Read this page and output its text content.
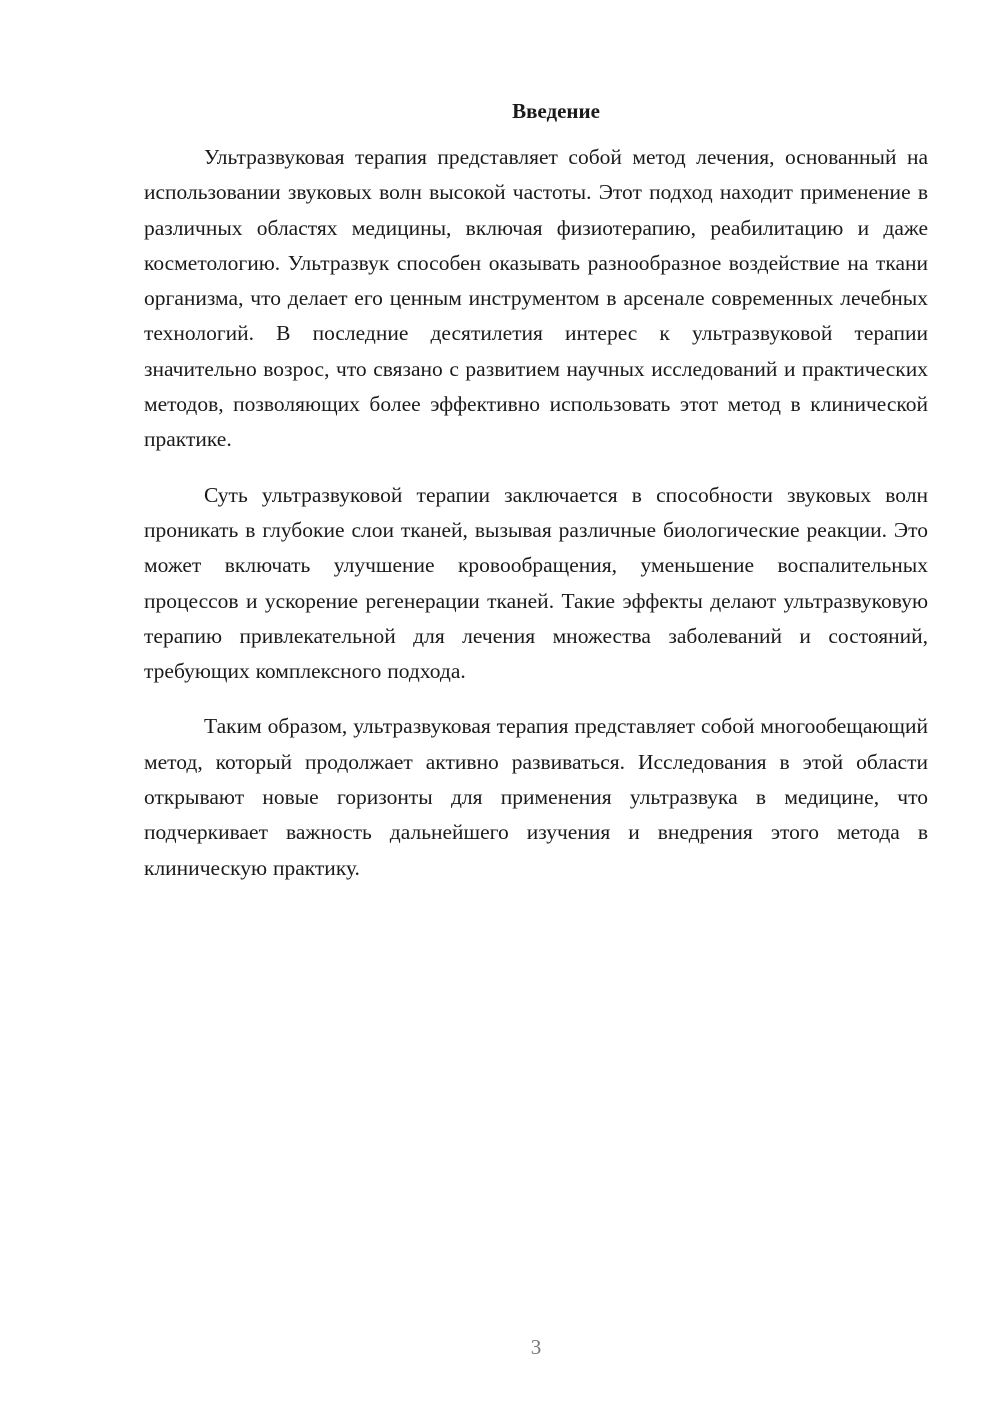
Введение

Ультразвуковая терапия представляет собой метод лечения, основанный на использовании звуковых волн высокой частоты. Этот подход находит применение в различных областях медицины, включая физиотерапию, реабилитацию и даже косметологию. Ультразвук способен оказывать разнообразное воздействие на ткани организма, что делает его ценным инструментом в арсенале современных лечебных технологий. В последние десятилетия интерес к ультразвуковой терапии значительно возрос, что связано с развитием научных исследований и практических методов, позволяющих более эффективно использовать этот метод в клинической практике.

Суть ультразвуковой терапии заключается в способности звуковых волн проникать в глубокие слои тканей, вызывая различные биологические реакции. Это может включать улучшение кровообращения, уменьшение воспалительных процессов и ускорение регенерации тканей. Такие эффекты делают ультразвуковую терапию привлекательной для лечения множества заболеваний и состояний, требующих комплексного подхода.

Таким образом, ультразвуковая терапия представляет собой многообещающий метод, который продолжает активно развиваться. Исследования в этой области открывают новые горизонты для применения ультразвука в медицине, что подчеркивает важность дальнейшего изучения и внедрения этого метода в клиническую практику.

3
